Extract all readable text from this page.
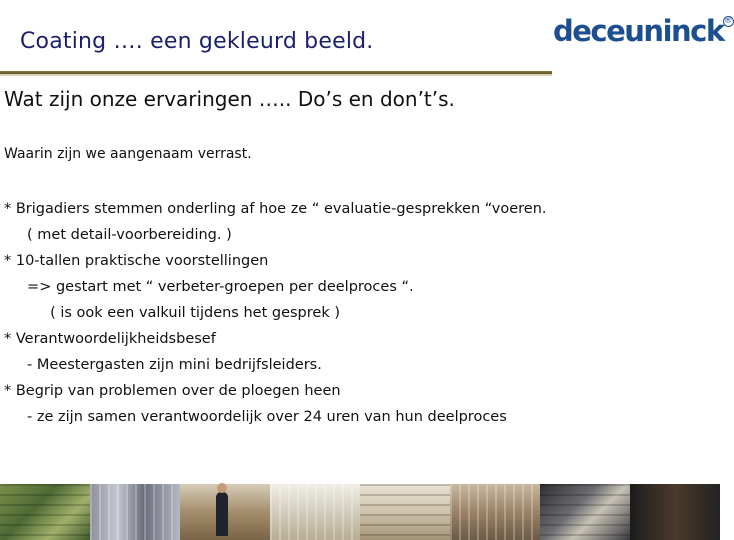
Coating …. een gekleurd beeld.	deceuninck ®
Wat zijn onze ervaringen ….. Do’s en don’t’s.
Waarin zijn we aangenaam verrast.
* Brigadiers stemmen onderling af hoe ze “ evaluatie-gesprekken “voeren.
( met detail-voorbereiding. )
* 10-tallen praktische voorstellingen
=> gestart met “ verbeter-groepen per deelproces “.
( is ook een valkuil tijdens het gesprek )
* Verantwoordelijkheidsbesef
- Meestergasten zijn mini bedrijfsleiders.
* Begrip van problemen over de ploegen heen
- ze zijn samen verantwoordelijk over 24 uren van hun deelproces
